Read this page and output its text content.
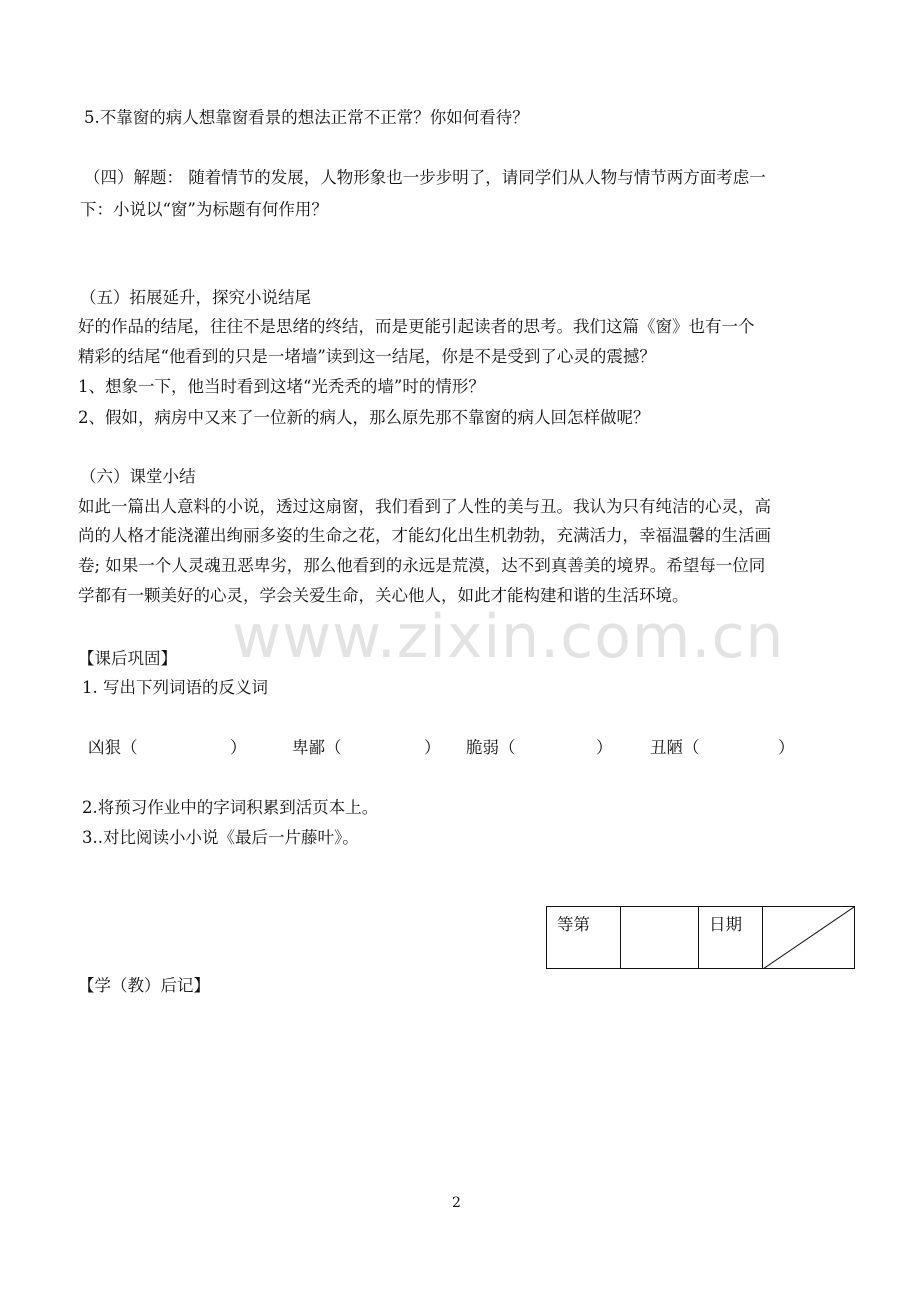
5.不靠窗的病人想靠窗看景的想法正常不正常？你如何看待？
（四）解题： 随着情节的发展，人物形象也一步步明了，请同学们从人物与情节两方面考虑一
下：小说以“窗”为标题有何作用？
（五）拓展延升，探究小说结尾
好的作品的结尾，往往不是思绪的终结，而是更能引起读者的思考。我们这篇《窗》也有一个
精彩的结尾“他看到的只是一堵墙”读到这一结尾，你是不是受到了心灵的震撼？
1、想象一下，他当时看到这堵“光秃秃的墙”时的情形？
2、假如，病房中又来了一位新的病人，那么原先那不靠窗的病人回怎样做呢？
（六）课堂小结
如此一篇出人意料的小说，透过这扇窗，我们看到了人性的美与丑。我认为只有纯洁的心灵，高
尚的人格才能浇灌出绚丽多姿的生命之花，才能幻化出生机勃勃，充满活力，幸福温馨的生活画
卷; 如果一个人灵魂丑恶卑劣，那么他看到的永远是荒漠，达不到真善美的境界。希望每一位同
学都有一颗美好的心灵，学会关爱生命，关心他人，如此才能构建和谐的生活环境。
www.zixin.com.cn
【课后巩固】
1. 写出下列词语的反义词
凶狠（	）	卑鄙（	） 脆弱（	） 丑陋（	）
2.将预习作业中的字词积累到活页本上。
3..对比阅读小小说《最后一片藤叶》。
等第		日期	
【学（教）后记】
2
